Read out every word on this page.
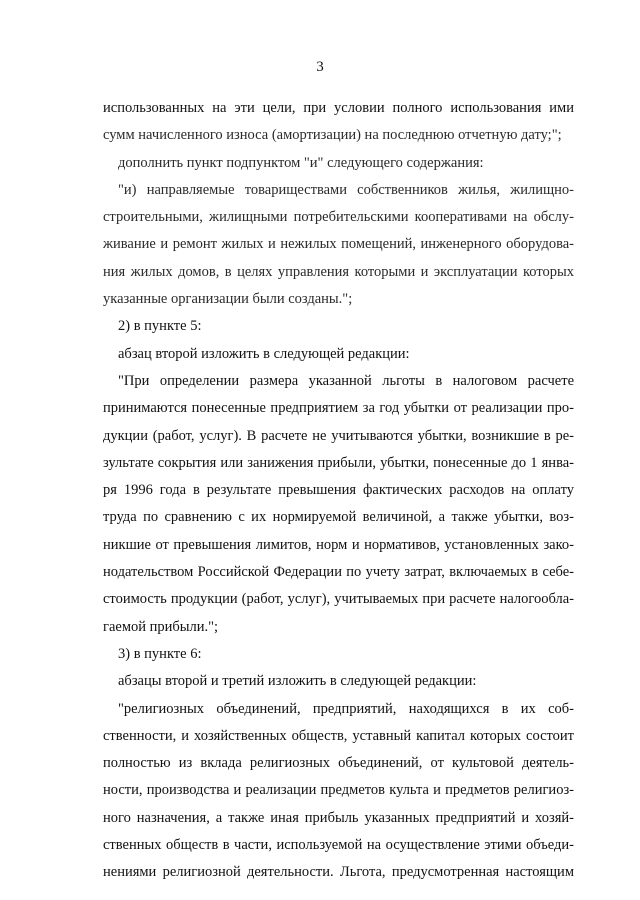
3
использованных на эти цели, при условии полного использования ими
сумм начисленного износа (амортизации) на последнюю отчетную дату;";
дополнить пункт подпунктом "и" следующего содержания:
"и) направляемые товариществами собственников жилья, жилищно-
строительными, жилищными потребительскими кооперативами на обслу-
живание и ремонт жилых и нежилых помещений, инженерного оборудова-
ния жилых домов, в целях управления которыми и эксплуатации которых
указанные организации были созданы.";
2) в пункте 5:
абзац второй изложить в следующей редакции:
"При определении размера указанной льготы в налоговом расчете
принимаются понесенные предприятием за год убытки от реализации про-
дукции (работ, услуг). В расчете не учитываются убытки, возникшие в ре-
зультате сокрытия или занижения прибыли, убытки, понесенные до 1 янва-
ря 1996 года в результате превышения фактических расходов на оплату
труда по сравнению с их нормируемой величиной, а также убытки, воз-
никшие от превышения лимитов, норм и нормативов, установленных зако-
нодательством Российской Федерации по учету затрат, включаемых в себе-
стоимость продукции (работ, услуг), учитываемых при расчете налогообла-
гаемой прибыли.";
3) в пункте 6:
абзацы второй и третий изложить в следующей редакции:
"религиозных объединений, предприятий, находящихся в их соб-
ственности, и хозяйственных обществ, уставный капитал которых состоит
полностью из вклада религиозных объединений, от культовой деятель-
ности, производства и реализации предметов культа и предметов религиоз-
ного назначения, а также иная прибыль указанных предприятий и хозяй-
ственных обществ в части, используемой на осуществление этими объеди-
нениями религиозной деятельности. Льгота, предусмотренная настоящим
